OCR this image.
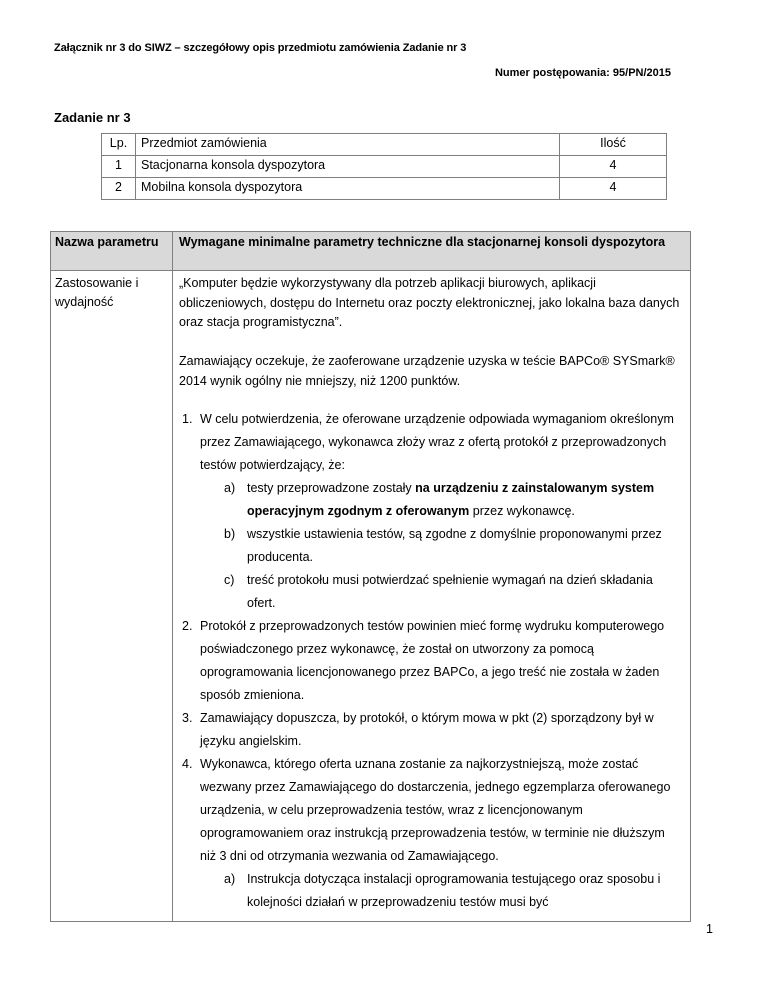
Załącznik nr 3 do SIWZ – szczegółowy opis przedmiotu zamówienia Zadanie nr 3
Numer postępowania: 95/PN/2015
Zadanie nr 3
Lp.	Przedmiot zamówienia	Ilość
1	Stacjonarna konsola dyspozytora	4
2	Mobilna konsola dyspozytora	4
Nazwa parametru	Wymagane minimalne parametry techniczne dla stacjonarnej konsoli dyspozytora
Zastosowanie i wydajność

„Komputer będzie wykorzystywany dla potrzeb aplikacji biurowych, aplikacji obliczeniowych, dostępu do Internetu oraz poczty elektronicznej, jako lokalna baza danych oraz stacja programistyczna”.

Zamawiający oczekuje, że zaoferowane urządzenie uzyska w teście BAPCo® SYSmark® 2014 wynik ogólny nie mniejszy, niż 1200 punktów.

1. W celu potwierdzenia, że oferowane urządzenie odpowiada wymaganiom określonym przez Zamawiającego, wykonawca złoży wraz z ofertą protokół z przeprowadzonych testów potwierdzający, że:
a) testy przeprowadzone zostały na urządzeniu z zainstalowanym system operacyjnym zgodnym z oferowanym przez wykonawcę.
b) wszystkie ustawienia testów, są zgodne z domyślnie proponowanymi przez producenta.
c) treść protokołu musi potwierdzać spełnienie wymagań na dzień składania ofert.
2. Protokół z przeprowadzonych testów powinien mieć formę wydruku komputerowego poświadczonego przez wykonawcę, że został on utworzony za pomocą oprogramowania licencjonowanego przez BAPCo, a jego treść nie została w żaden sposób zmieniona.
3. Zamawiający dopuszcza, by protokół, o którym mowa w pkt (2) sporządzony był w języku angielskim.
4. Wykonawca, którego oferta uznana zostanie za najkorzystniejszą, może zostać wezwany przez Zamawiającego do dostarczenia, jednego egzemplarza oferowanego urządzenia, w celu przeprowadzenia testów, wraz z licencjonowanym oprogramowaniem oraz instrukcją przeprowadzenia testów, w terminie nie dłuższym niż 3 dni od otrzymania wezwania od Zamawiającego.
a) Instrukcja dotycząca instalacji oprogramowania testującego oraz sposobu i kolejności działań w przeprowadzeniu testów musi być
1
